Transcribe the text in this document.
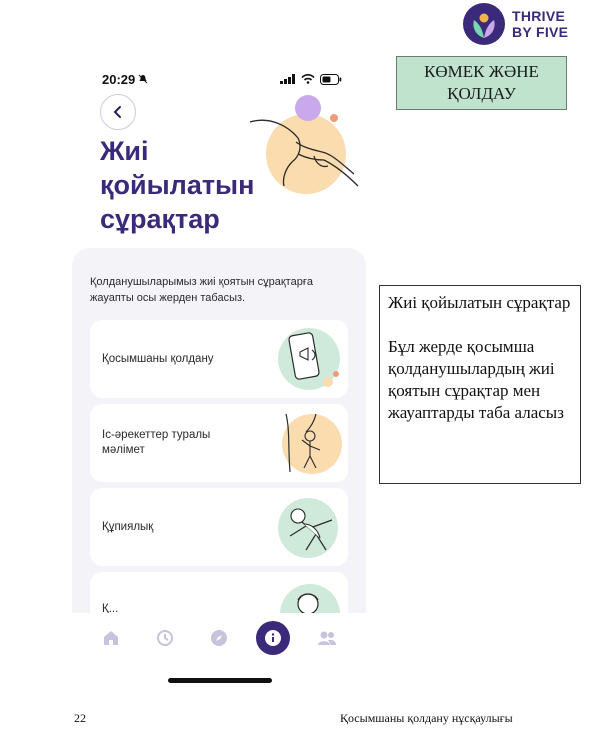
THRIVE
BY FIVE
КӨМЕК ЖӘНЕ
ҚОЛДАУ
20:29
Жиі
қойылатын
сұрақтар
Қолданушыларымыз жиі қоятын сұрақтарға жауапты осы жерден табасыз.
Қосымшаны қолдану
Іс-әрекеттер туралы мәлімет
Құпиялық
Қ...
Жиі қойылатын сұрақтар
Бұл жерде қосымша қолданушылардың жиі қоятын сұрақтар мен жауаптарды таба аласыз
22	Қосымшаны қолдану нұсқаулығы
